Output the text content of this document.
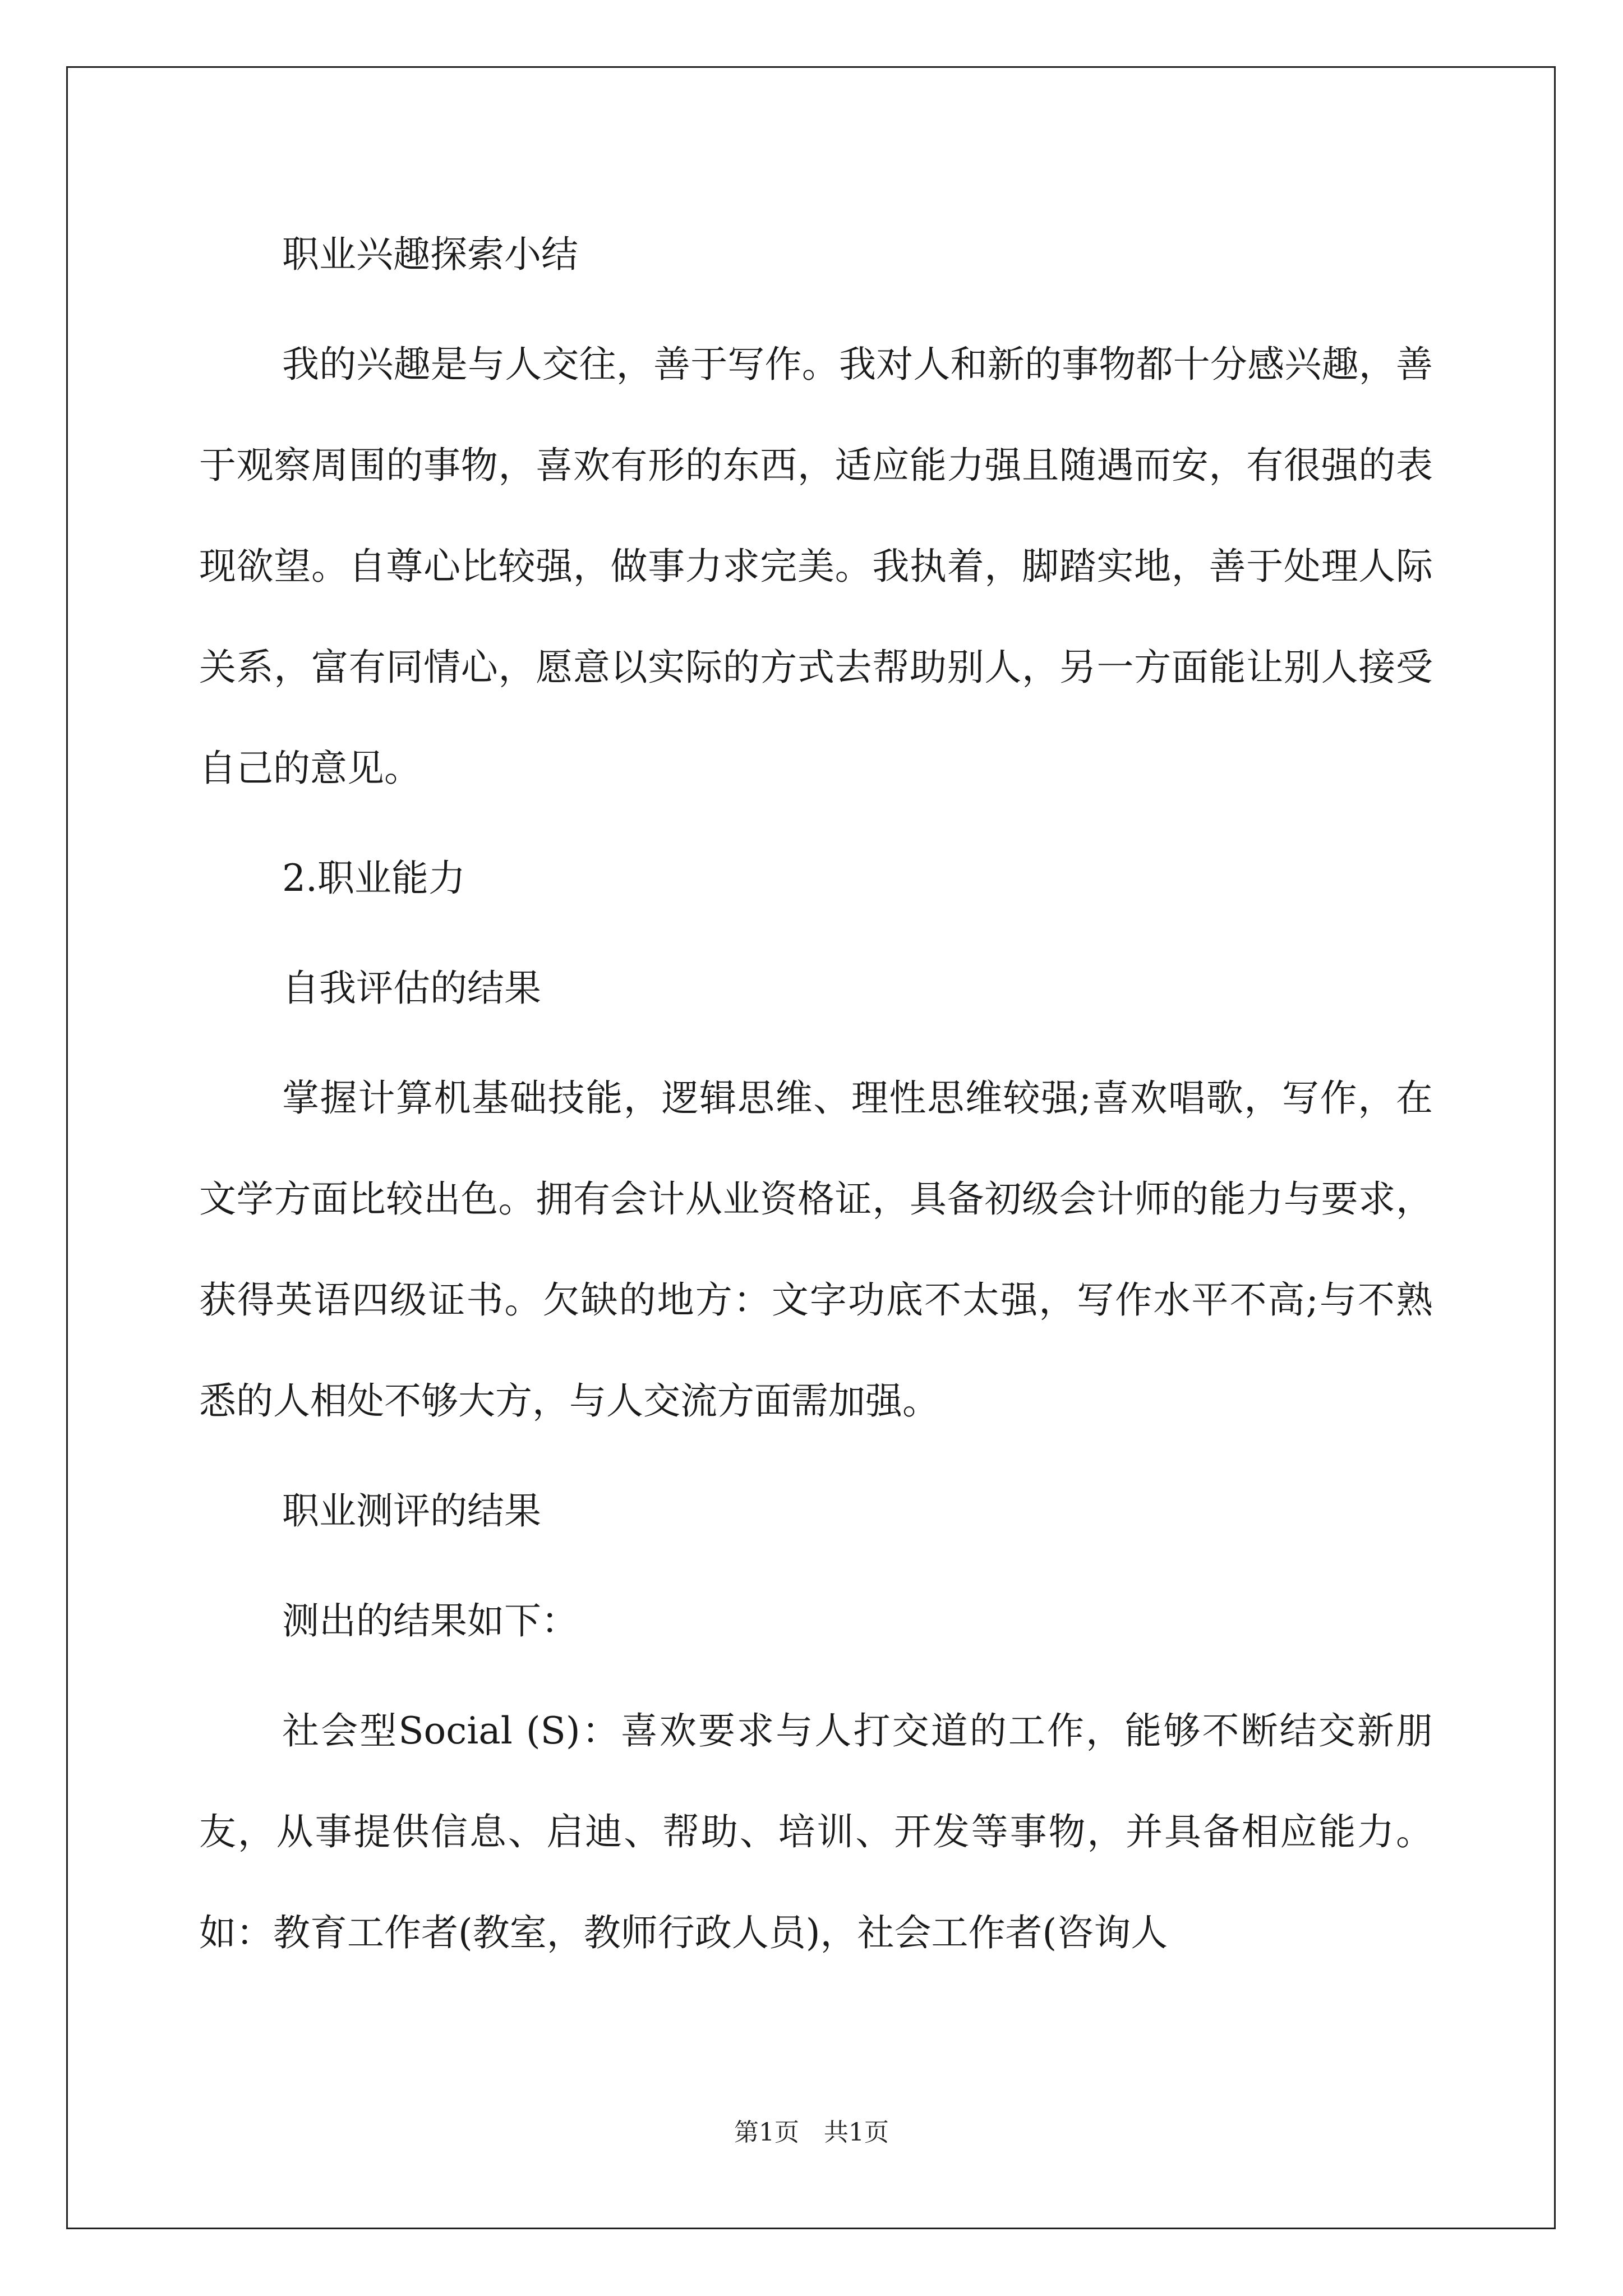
职业兴趣探索小结

我的兴趣是与人交往，善于写作。我对人和新的事物都十分感兴趣，善于观察周围的事物，喜欢有形的东西，适应能力强且随遇而安，有很强的表现欲望。自尊心比较强，做事力求完美。我执着，脚踏实地，善于处理人际关系，富有同情心，愿意以实际的方式去帮助别人，另一方面能让别人接受自己的意见。

2.职业能力

自我评估的结果

掌握计算机基础技能，逻辑思维、理性思维较强;喜欢唱歌，写作，在文学方面比较出色。拥有会计从业资格证，具备初级会计师的能力与要求，获得英语四级证书。欠缺的地方：文字功底不太强，写作水平不高;与不熟悉的人相处不够大方，与人交流方面需加强。

职业测评的结果

测出的结果如下：

社会型Social (S)：喜欢要求与人打交道的工作，能够不断结交新朋友，从事提供信息、启迪、帮助、培训、开发等事物，并具备相应能力。如：教育工作者(教室，教师行政人员)，社会工作者(咨询人

第1页 共1页
